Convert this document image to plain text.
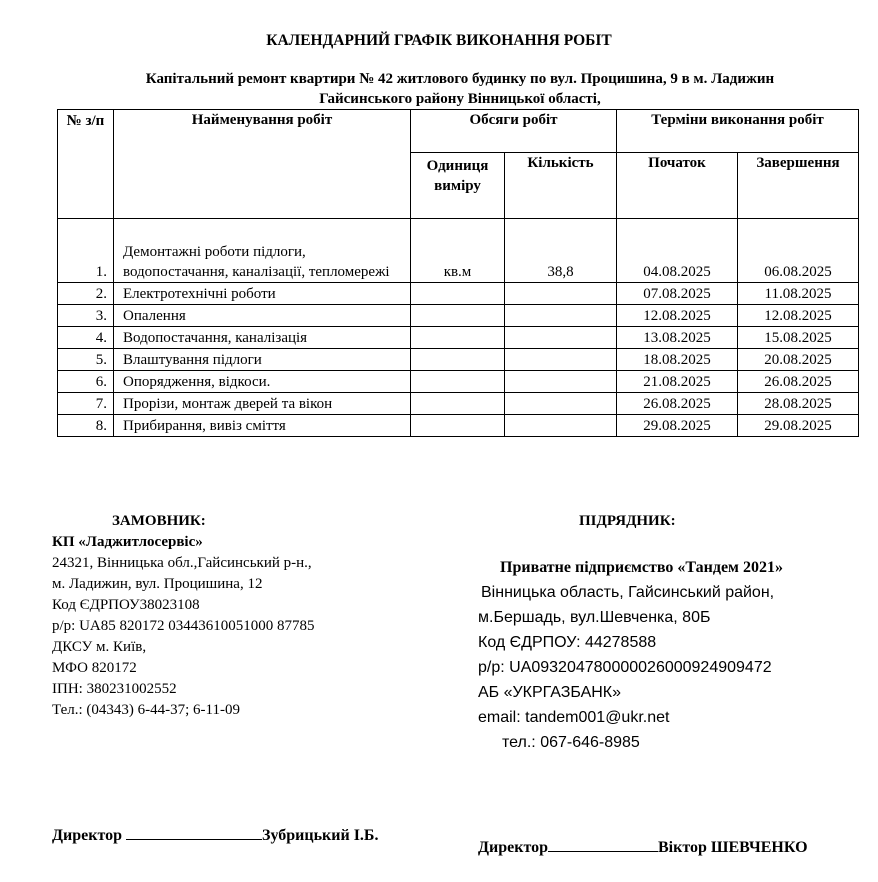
КАЛЕНДАРНИЙ ГРАФІК ВИКОНАННЯ РОБІТ
Капітальний ремонт квартири № 42 житлового будинку по вул. Процишина, 9 в м. Ладижин
Гайсинського району Вінницької області,
№ з/п	Найменування робіт	Обсяги робіт		Терміни виконання робіт	
		Одиниця виміру	Кількість	Початок	Завершення
1.	Демонтажні роботи підлоги, водопостачання, каналізації, тепломережі	кв.м	38,8	04.08.2025	06.08.2025
2.	Електротехнічні роботи			07.08.2025	11.08.2025
3.	Опалення			12.08.2025	12.08.2025
4.	Водопостачання, каналізація			13.08.2025	15.08.2025
5.	Влаштування підлоги			18.08.2025	20.08.2025
6.	Опорядження, відкоси.			21.08.2025	26.08.2025
7.	Прорізи, монтаж дверей та вікон			26.08.2025	28.08.2025
8.	Прибирання, вивіз сміття			29.08.2025	29.08.2025
ЗАМОВНИК:	ПІДРЯДНИК:
КП «Ладжитлосервіс»
24321, Вінницька обл.,Гайсинський р-н.,
м. Ладижин, вул. Процишина, 12
Код ЄДРПОУ38023108
р/р: UA85 820172 03443610051000 87785
ДКСУ м. Київ,
МФО 820172
ІПН: 380231002552
Тел.: (04343) 6-44-37; 6-11-09
Приватне підприємство «Тандем 2021»
Вінницька область, Гайсинський район,
м.Бершадь, вул.Шевченка, 80Б
Код ЄДРПОУ: 44278588
р/р: UA093204780000026000924909472
АБ «УКРГАЗБАНК»
email: tandem001@ukr.net
тел.: 067-646-8985
Директор	Зубрицький І.Б.
Директор	Віктор ШЕВЧЕНКО
